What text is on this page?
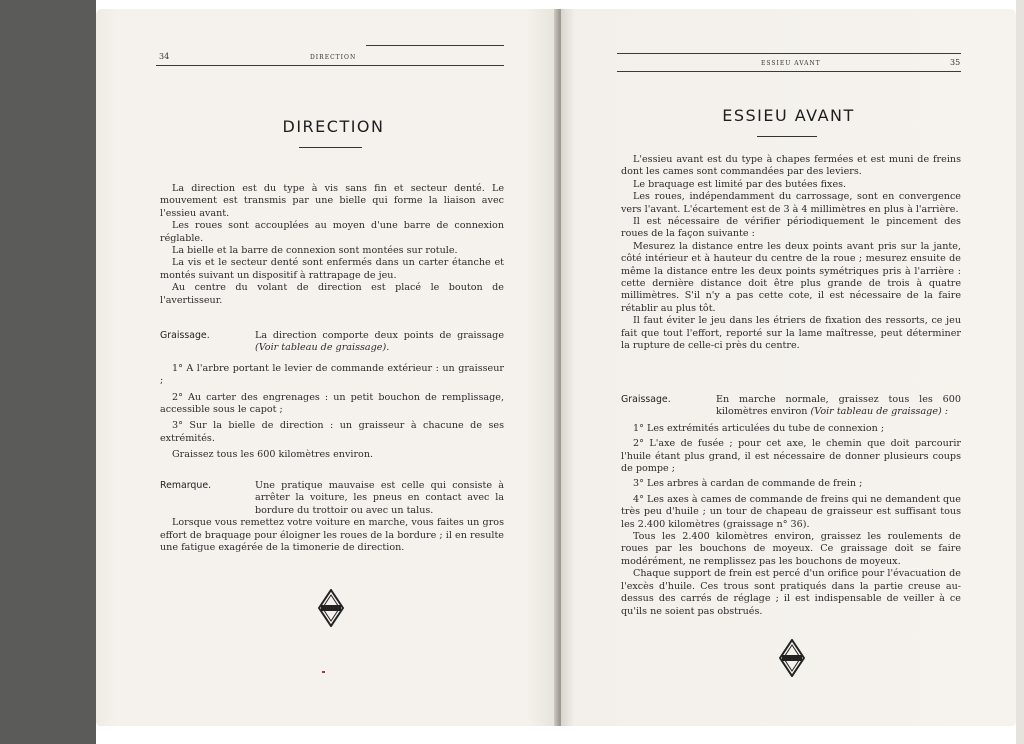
34	DIRECTION
DIRECTION

La direction est du type à vis sans fin et secteur denté. Le mouvement est transmis par une bielle qui forme la liaison avec l'essieu avant.

Les roues sont accouplées au moyen d'une barre de connexion réglable.

La bielle et la barre de connexion sont montées sur rotule.

La vis et le secteur denté sont enfermés dans un carter étanche et montés suivant un dispositif à rattrapage de jeu.

Au centre du volant de direction est placé le bouton de l'avertisseur.

Graissage.	La direction comporte deux points de graissage (Voir tableau de graissage).

1° A l'arbre portant le levier de commande extérieur : un graisseur ;

2° Au carter des engrenages : un petit bouchon de remplissage, accessible sous le capot ;

3° Sur la bielle de direction : un graisseur à chacune de ses extrémités.

Graissez tous les 600 kilomètres environ.

Remarque.	Une pratique mauvaise est celle qui consiste à arrêter la voiture, les pneus en contact avec la bordure du trottoir ou avec un talus.

Lorsque vous remettez votre voiture en marche, vous faites un gros effort de braquage pour éloigner les roues de la bordure ; il en resulte une fatigue exagérée de la timonerie de direction.

ESSIEU AVANT	35
ESSIEU AVANT

L'essieu avant est du type à chapes fermées et est muni de freins dont les cames sont commandées par des leviers.

Le braquage est limité par des butées fixes.

Les roues, indépendamment du carrossage, sont en convergence vers l'avant. L'écartement est de 3 à 4 millimètres en plus à l'arrière.

Il est nécessaire de vérifier périodiquement le pincement des roues de la façon suivante :

Mesurez la distance entre les deux points avant pris sur la jante, côté intérieur et à hauteur du centre de la roue ; mesurez ensuite de même la distance entre les deux points symétriques pris à l'arrière : cette dernière distance doit être plus grande de trois à quatre millimètres. S'il n'y a pas cette cote, il est nécessaire de la faire rétablir au plus tôt.

Il faut éviter le jeu dans les étriers de fixation des ressorts, ce jeu fait que tout l'effort, reporté sur la lame maîtresse, peut déterminer la rupture de celle-ci près du centre.

Graissage.	En marche normale, graissez tous les 600 kilomètres environ (Voir tableau de graissage) :

1° Les extrémités articulées du tube de connexion ;

2° L'axe de fusée ; pour cet axe, le chemin que doit parcourir l'huile étant plus grand, il est nécessaire de donner plusieurs coups de pompe ;

3° Les arbres à cardan de commande de frein ;

4° Les axes à cames de commande de freins qui ne demandent que très peu d'huile ; un tour de chapeau de graisseur est suffisant tous les 2.400 kilomètres (graissage n° 36).

Tous les 2.400 kilomètres environ, graissez les roulements de roues par les bouchons de moyeux. Ce graissage doit se faire modérément, ne remplissez pas les bouchons de moyeux.

Chaque support de frein est percé d'un orifice pour l'évacuation de l'excès d'huile. Ces trous sont pratiqués dans la partie creuse au-dessus des carrés de réglage ; il est indispensable de veiller à ce qu'ils ne soient pas obstrués.
